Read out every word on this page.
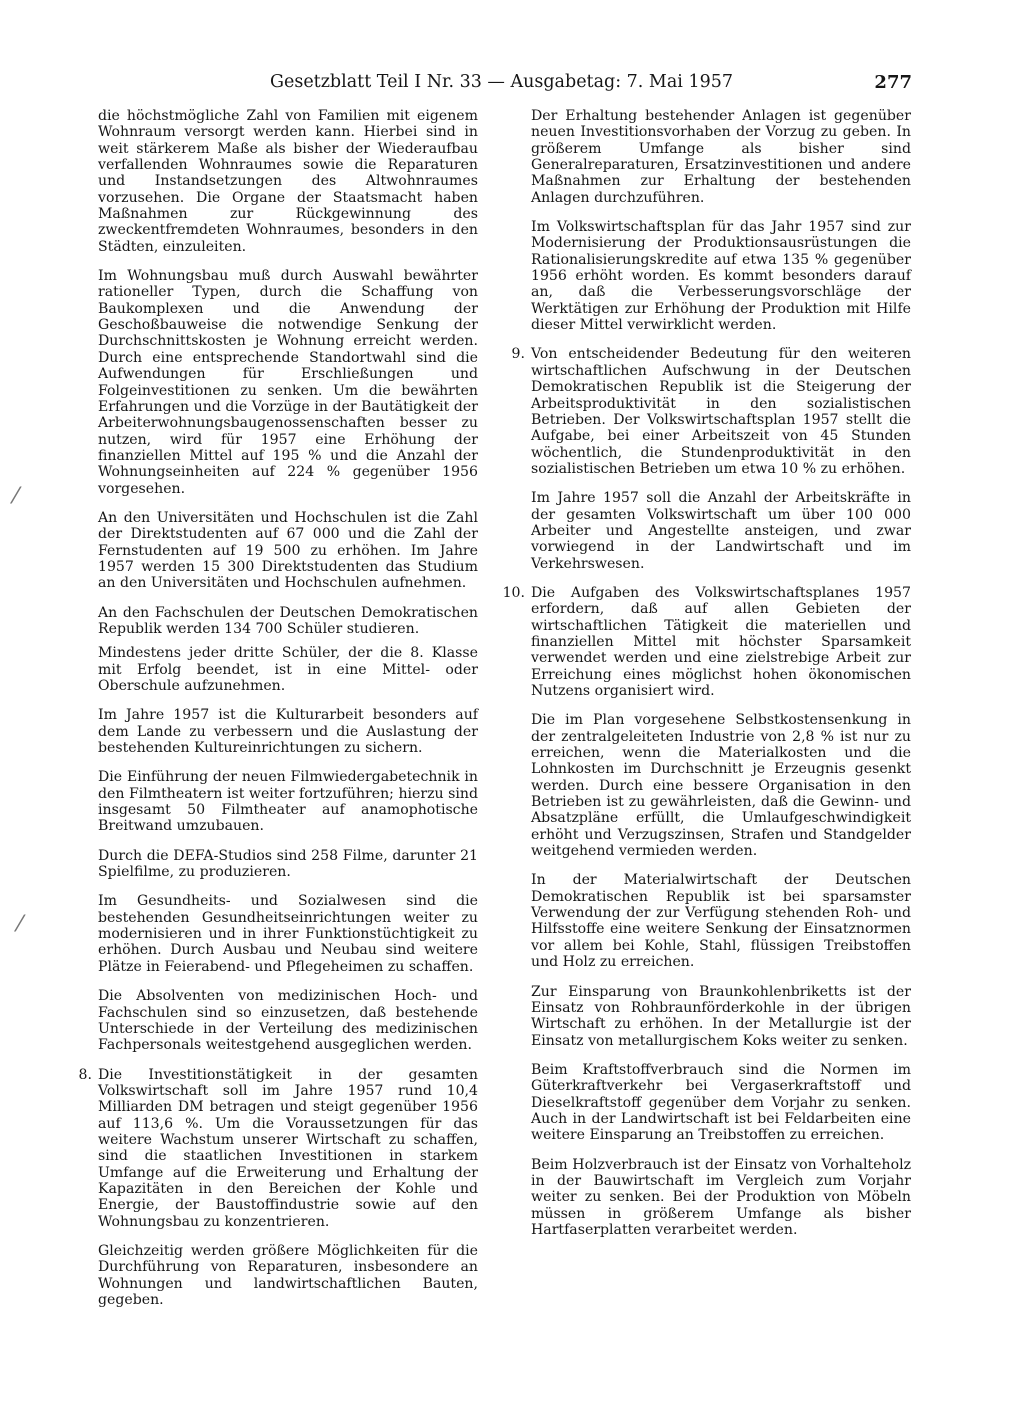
Gesetzblatt Teil I Nr. 33 — Ausgabetag: 7. Mai 1957	277

die höchstmögliche Zahl von Familien mit eigenem Wohnraum versorgt werden kann. Hierbei sind in weit stärkerem Maße als bisher der Wiederaufbau verfallenden Wohnraumes sowie die Reparaturen und Instandsetzungen des Altwohnraumes vorzusehen. Die Organe der Staatsmacht haben Maßnahmen zur Rückgewinnung des zweckentfremdeten Wohnraumes, besonders in den Städten, einzuleiten.

Im Wohnungsbau muß durch Auswahl bewährter rationeller Typen, durch die Schaffung von Baukomplexen und die Anwendung der Geschoßbauweise die notwendige Senkung der Durchschnittskosten je Wohnung erreicht werden. Durch eine entsprechende Standortwahl sind die Aufwendungen für Erschließungen und Folgeinvestitionen zu senken. Um die bewährten Erfahrungen und die Vorzüge in der Bautätigkeit der Arbeiterwohnungsbaugenossenschaften besser zu nutzen, wird für 1957 eine Erhöhung der finanziellen Mittel auf 195 % und die Anzahl der Wohnungseinheiten auf 224 % gegenüber 1956 vorgesehen.

An den Universitäten und Hochschulen ist die Zahl der Direktstudenten auf 67 000 und die Zahl der Fernstudenten auf 19 500 zu erhöhen. Im Jahre 1957 werden 15 300 Direktstudenten das Studium an den Universitäten und Hochschulen aufnehmen.

An den Fachschulen der Deutschen Demokratischen Republik werden 134 700 Schüler studieren.

Mindestens jeder dritte Schüler, der die 8. Klasse mit Erfolg beendet, ist in eine Mittel- oder Oberschule aufzunehmen.

Im Jahre 1957 ist die Kulturarbeit besonders auf dem Lande zu verbessern und die Auslastung der bestehenden Kultureinrichtungen zu sichern.

Die Einführung der neuen Filmwiedergabetechnik in den Filmtheatern ist weiter fortzuführen; hierzu sind insgesamt 50 Filmtheater auf anamophotische Breitwand umzubauen.

Durch die DEFA-Studios sind 258 Filme, darunter 21 Spielfilme, zu produzieren.

Im Gesundheits- und Sozialwesen sind die bestehenden Gesundheitseinrichtungen weiter zu modernisieren und in ihrer Funktionstüchtigkeit zu erhöhen. Durch Ausbau und Neubau sind weitere Plätze in Feierabend- und Pflegeheimen zu schaffen.

Die Absolventen von medizinischen Hoch- und Fachschulen sind so einzusetzen, daß bestehende Unterschiede in der Verteilung des medizinischen Fachpersonals weitestgehend ausgeglichen werden.

8. Die Investitionstätigkeit in der gesamten Volkswirtschaft soll im Jahre 1957 rund 10,4 Milliarden DM betragen und steigt gegenüber 1956 auf 113,6 %. Um die Voraussetzungen für das weitere Wachstum unserer Wirtschaft zu schaffen, sind die staatlichen Investitionen in starkem Umfange auf die Erweiterung und Erhaltung der Kapazitäten in den Bereichen der Kohle und Energie, der Baustoffindustrie sowie auf den Wohnungsbau zu konzentrieren.

Gleichzeitig werden größere Möglichkeiten für die Durchführung von Reparaturen, insbesondere an Wohnungen und landwirtschaftlichen Bauten, gegeben.

Der Erhaltung bestehender Anlagen ist gegenüber neuen Investitionsvorhaben der Vorzug zu geben. In größerem Umfange als bisher sind Generalreparaturen, Ersatzinvestitionen und andere Maßnahmen zur Erhaltung der bestehenden Anlagen durchzuführen.

Im Volkswirtschaftsplan für das Jahr 1957 sind zur Modernisierung der Produktionsausrüstungen die Rationalisierungskredite auf etwa 135 % gegenüber 1956 erhöht worden. Es kommt besonders darauf an, daß die Verbesserungsvorschläge der Werktätigen zur Erhöhung der Produktion mit Hilfe dieser Mittel verwirklicht werden.

9. Von entscheidender Bedeutung für den weiteren wirtschaftlichen Aufschwung in der Deutschen Demokratischen Republik ist die Steigerung der Arbeitsproduktivität in den sozialistischen Betrieben. Der Volkswirtschaftsplan 1957 stellt die Aufgabe, bei einer Arbeitszeit von 45 Stunden wöchentlich, die Stundenproduktivität in den sozialistischen Betrieben um etwa 10 % zu erhöhen.

Im Jahre 1957 soll die Anzahl der Arbeitskräfte in der gesamten Volkswirtschaft um über 100 000 Arbeiter und Angestellte ansteigen, und zwar vorwiegend in der Landwirtschaft und im Verkehrswesen.

10. Die Aufgaben des Volkswirtschaftsplanes 1957 erfordern, daß auf allen Gebieten der wirtschaftlichen Tätigkeit die materiellen und finanziellen Mittel mit höchster Sparsamkeit verwendet werden und eine zielstrebige Arbeit zur Erreichung eines möglichst hohen ökonomischen Nutzens organisiert wird.

Die im Plan vorgesehene Selbstkostensenkung in der zentralgeleiteten Industrie von 2,8 % ist nur zu erreichen, wenn die Materialkosten und die Lohnkosten im Durchschnitt je Erzeugnis gesenkt werden. Durch eine bessere Organisation in den Betrieben ist zu gewährleisten, daß die Gewinn- und Absatzpläne erfüllt, die Umlaufgeschwindigkeit erhöht und Verzugszinsen, Strafen und Standgelder weitgehend vermieden werden.

In der Materialwirtschaft der Deutschen Demokratischen Republik ist bei sparsamster Verwendung der zur Verfügung stehenden Roh- und Hilfsstoffe eine weitere Senkung der Einsatznormen vor allem bei Kohle, Stahl, flüssigen Treibstoffen und Holz zu erreichen.

Zur Einsparung von Braunkohlenbriketts ist der Einsatz von Rohbraunförderkohle in der übrigen Wirtschaft zu erhöhen. In der Metallurgie ist der Einsatz von metallurgischem Koks weiter zu senken.

Beim Kraftstoffverbrauch sind die Normen im Güterkraftverkehr bei Vergaserkraftstoff und Dieselkraftstoff gegenüber dem Vorjahr zu senken. Auch in der Landwirtschaft ist bei Feldarbeiten eine weitere Einsparung an Treibstoffen zu erreichen.

Beim Holzverbrauch ist der Einsatz von Vorhalteholz in der Bauwirtschaft im Vergleich zum Vorjahr weiter zu senken. Bei der Produktion von Möbeln müssen in größerem Umfange als bisher Hartfaserplatten verarbeitet werden.

⁄
⁄
